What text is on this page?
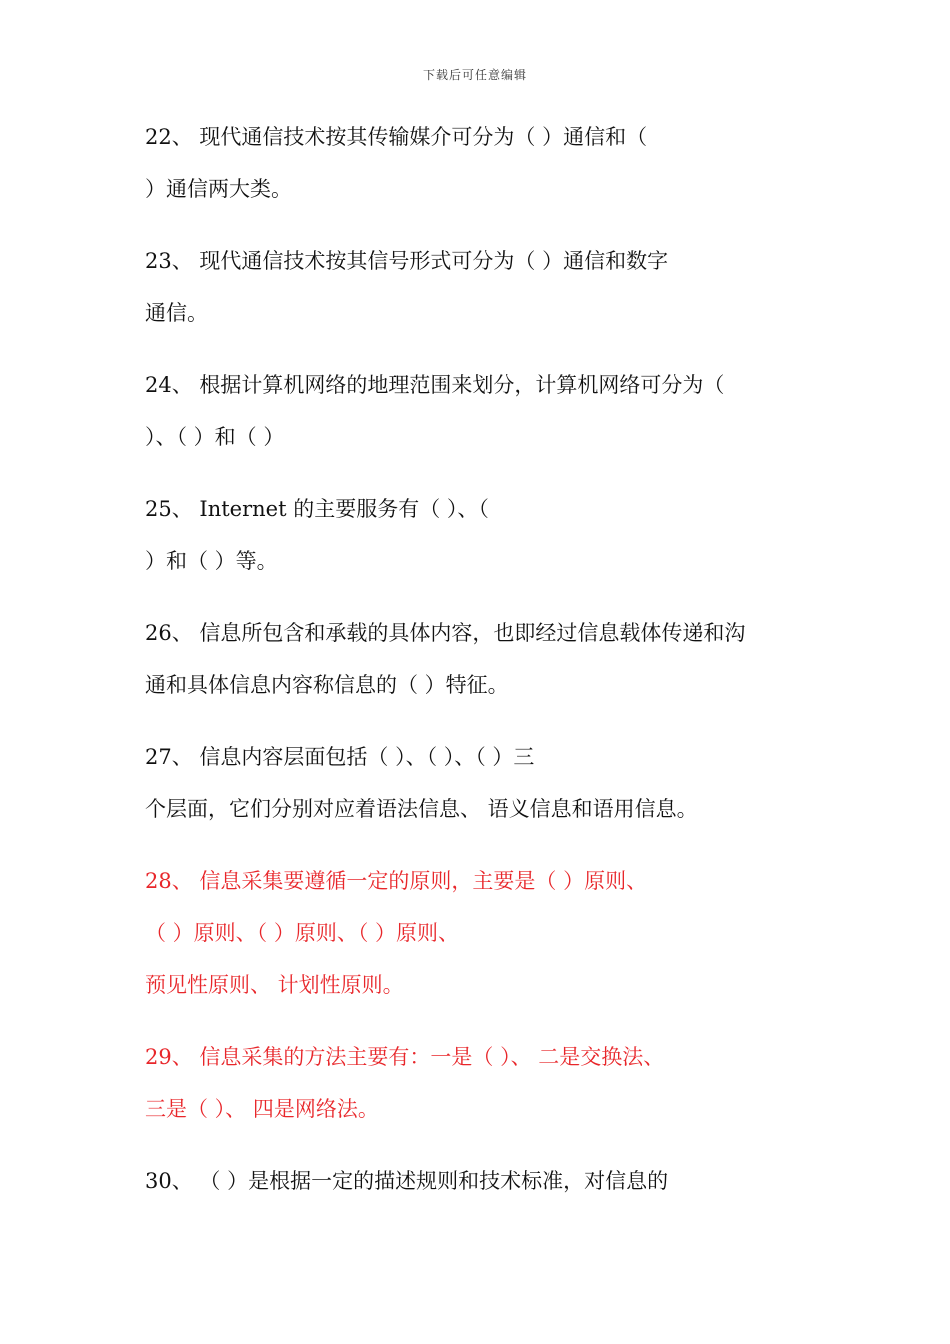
下载后可任意编辑
22、 现代通信技术按其传输媒介可分为（ ）通信和（
）通信两大类。
23、 现代通信技术按其信号形式可分为（ ）通信和数字
通信。
24、 根据计算机网络的地理范围来划分，计算机网络可分为（
）、（ ）和（ ）
25、 Internet 的主要服务有（ ）、（
）和（ ）等。
26、 信息所包含和承载的具体内容，也即经过信息载体传递和沟
通和具体信息内容称信息的（ ）特征。
27、 信息内容层面包括（ ）、（ ）、（ ）三
个层面，它们分别对应着语法信息、 语义信息和语用信息。
28、 信息采集要遵循一定的原则，主要是（ ）原则、
（ ）原则、（ ）原则、（ ）原则、
预见性原则、 计划性原则。
29、 信息采集的方法主要有：一是（ ）、 二是交换法、
三是（ ）、 四是网络法。
30、 （ ）是根据一定的描述规则和技术标准，对信息的
